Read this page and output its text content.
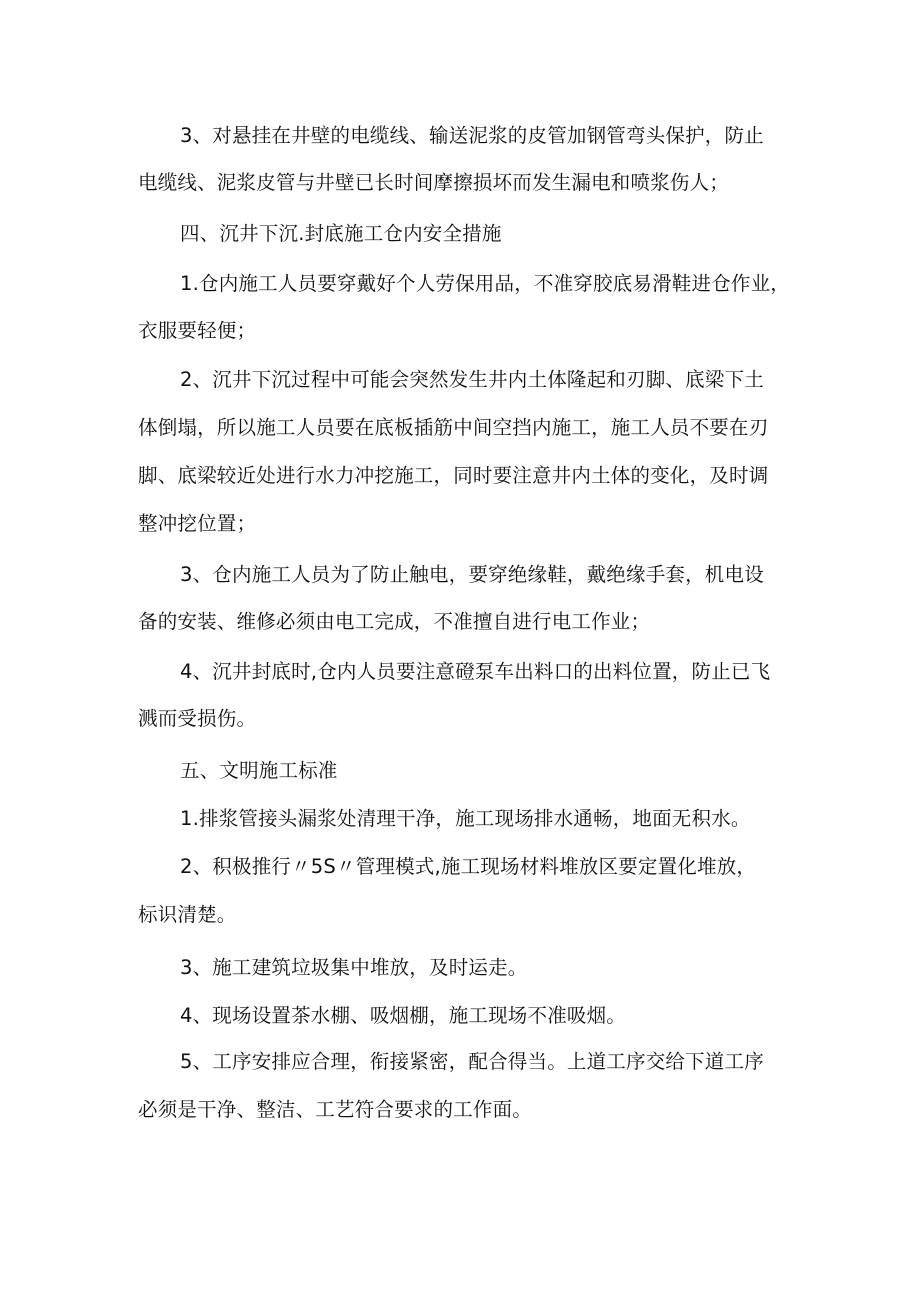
3、对悬挂在井壁的电缆线、输送泥浆的皮管加钢管弯头保护，防止
电缆线、泥浆皮管与井壁已长时间摩擦损坏而发生漏电和喷浆伤人；
四、沉井下沉.封底施工仓内安全措施
1.仓内施工人员要穿戴好个人劳保用品，不准穿胶底易滑鞋进仓作业，
衣服要轻便；
2、沉井下沉过程中可能会突然发生井内土体隆起和刃脚、底梁下土
体倒塌，所以施工人员要在底板插筋中间空挡内施工，施工人员不要在刃
脚、底梁较近处进行水力冲挖施工，同时要注意井内土体的变化，及时调
整冲挖位置；
3、仓内施工人员为了防止触电，要穿绝缘鞋，戴绝缘手套，机电设
备的安装、维修必须由电工完成，不准擅自进行电工作业；
4、沉井封底时,仓内人员要注意磴泵车出料口的出料位置，防止已飞
溅而受损伤。
五、文明施工标准
1.排浆管接头漏浆处清理干净，施工现场排水通畅，地面无积水。
2、积极推行〃5S〃管理模式,施工现场材料堆放区要定置化堆放，
标识清楚。
3、施工建筑垃圾集中堆放，及时运走。
4、现场设置茶水棚、吸烟棚，施工现场不准吸烟。
5、工序安排应合理，衔接紧密，配合得当。上道工序交给下道工序
必须是干净、整洁、工艺符合要求的工作面。
